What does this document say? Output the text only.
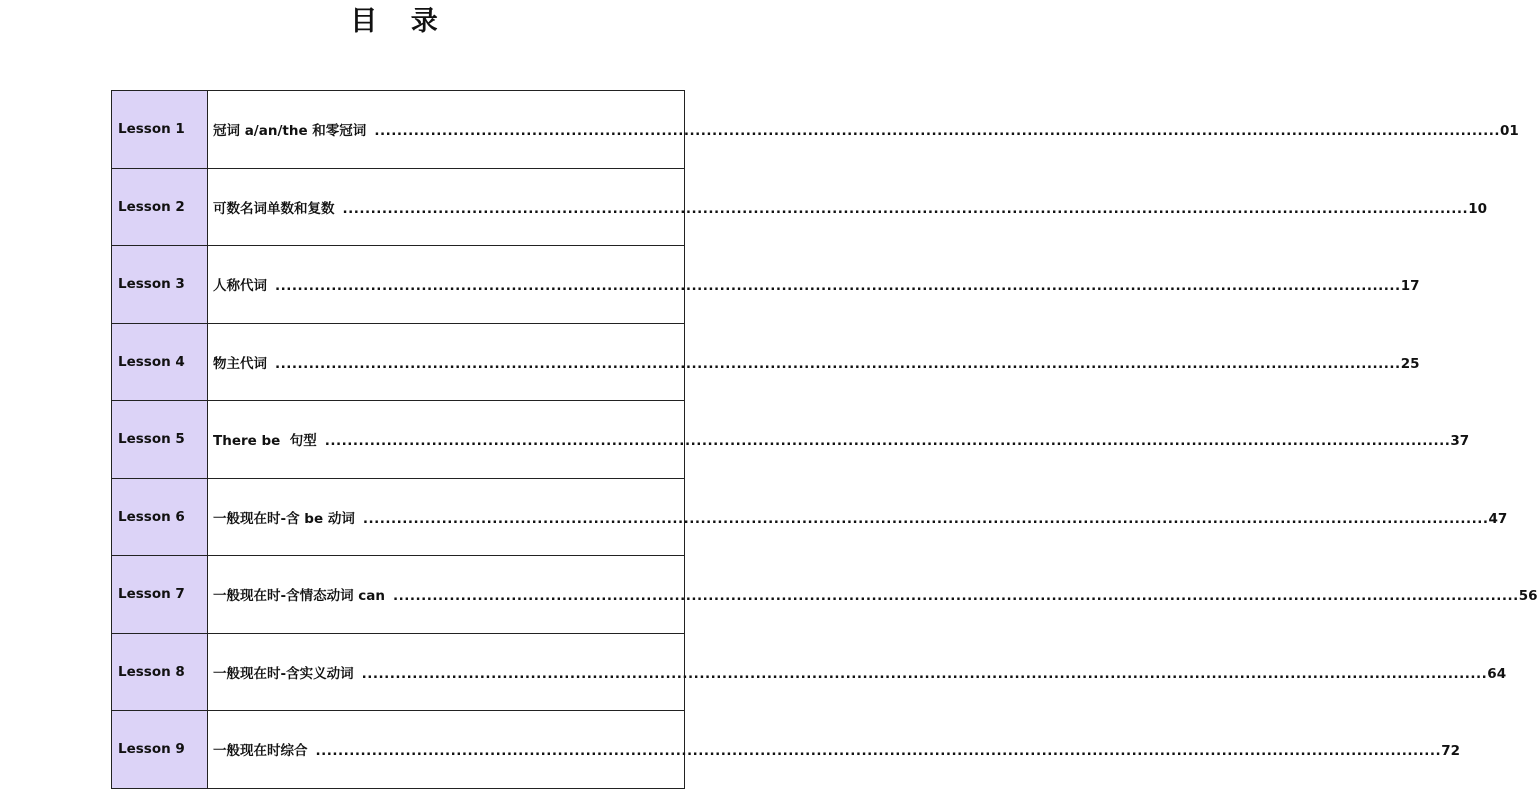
目 录
Lesson 1	冠词 a/an/the 和零冠词 ........................................................................................................................................................................................................ 01

Lesson 2	可数名词单数和复数 ........................................................................................................................................................................................................ 10

Lesson 3	人称代词 ........................................................................................................................................................................................................ 17

Lesson 4	物主代词 ........................................................................................................................................................................................................ 25

Lesson 5	There be  句型 ........................................................................................................................................................................................................ 37

Lesson 6	一般现在时-含 be 动词 ........................................................................................................................................................................................................ 47

Lesson 7	一般现在时-含情态动词 can ........................................................................................................................................................................................................ 56

Lesson 8	一般现在时-含实义动词 ........................................................................................................................................................................................................ 64

Lesson 9	一般现在时综合 ........................................................................................................................................................................................................ 72
